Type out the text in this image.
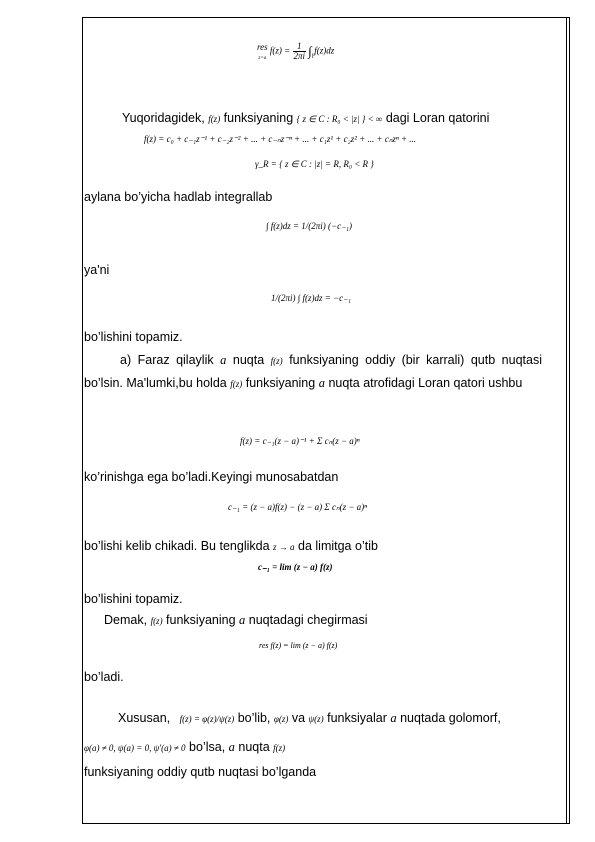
res
z=a $f(z) = \frac{1}{2\pi i} \int_\gamma f(z)dz$
Yuqoridagidek, f(z) funksiyaning { z ∈ C : R₀ < |z| } < ∞ dagi Loran qatorini
f(z) = c₀ + c₋₁z⁻¹ + c₋₂z⁻² + ... + c₋ₙz⁻ⁿ + ... + c₁z¹ + c₂z² + ... + cₙzⁿ + ...
γ_R = { z ∈ C : |z| = R, R₀ < R }
aylana bo’yicha hadlab integrallab
∫ f(z)dz = 1/(2πi) (−c₋₁)
ya'ni
1/(2πi) ∫ f(z)dz = −c₋₁
bo’lishini topamiz.
a) Faraz qilaylik a nuqta f(z) funksiyaning oddiy (bir karrali) qutb nuqtasi bo’lsin. Ma'lumki,bu holda f(z) funksiyaning a nuqta atrofidagi Loran qatori ushbu
f(z) = c₋₁(z − a)⁻¹ + Σ cₙ(z − a)ⁿ
ko’rinishga ega bo’ladi.Keyingi munosabatdan
c₋₁ = (z − a)f(z) − (z − a) Σ cₙ(z − a)ⁿ
bo’lishi kelib chikadi. Bu tenglikda z → a da limitga o’tib
c₋₁ = lim (z − a) f(z)
bo’lishini topamiz.
Demak, f(z) funksiyaning a nuqtadagi chegirmasi
res f(z) = lim (z − a) f(z)
bo’ladi.
Xususan, f(z) = φ(z)/ψ(z) bo’lib, φ(z) va ψ(z) funksiyalar a nuqtada golomorf,
φ(a) ≠ 0, ψ(a) = 0, ψ′(a) ≠ 0 bo’lsa, a nuqta f(z)
funksiyaning oddiy qutb nuqtasi bo’lganda
